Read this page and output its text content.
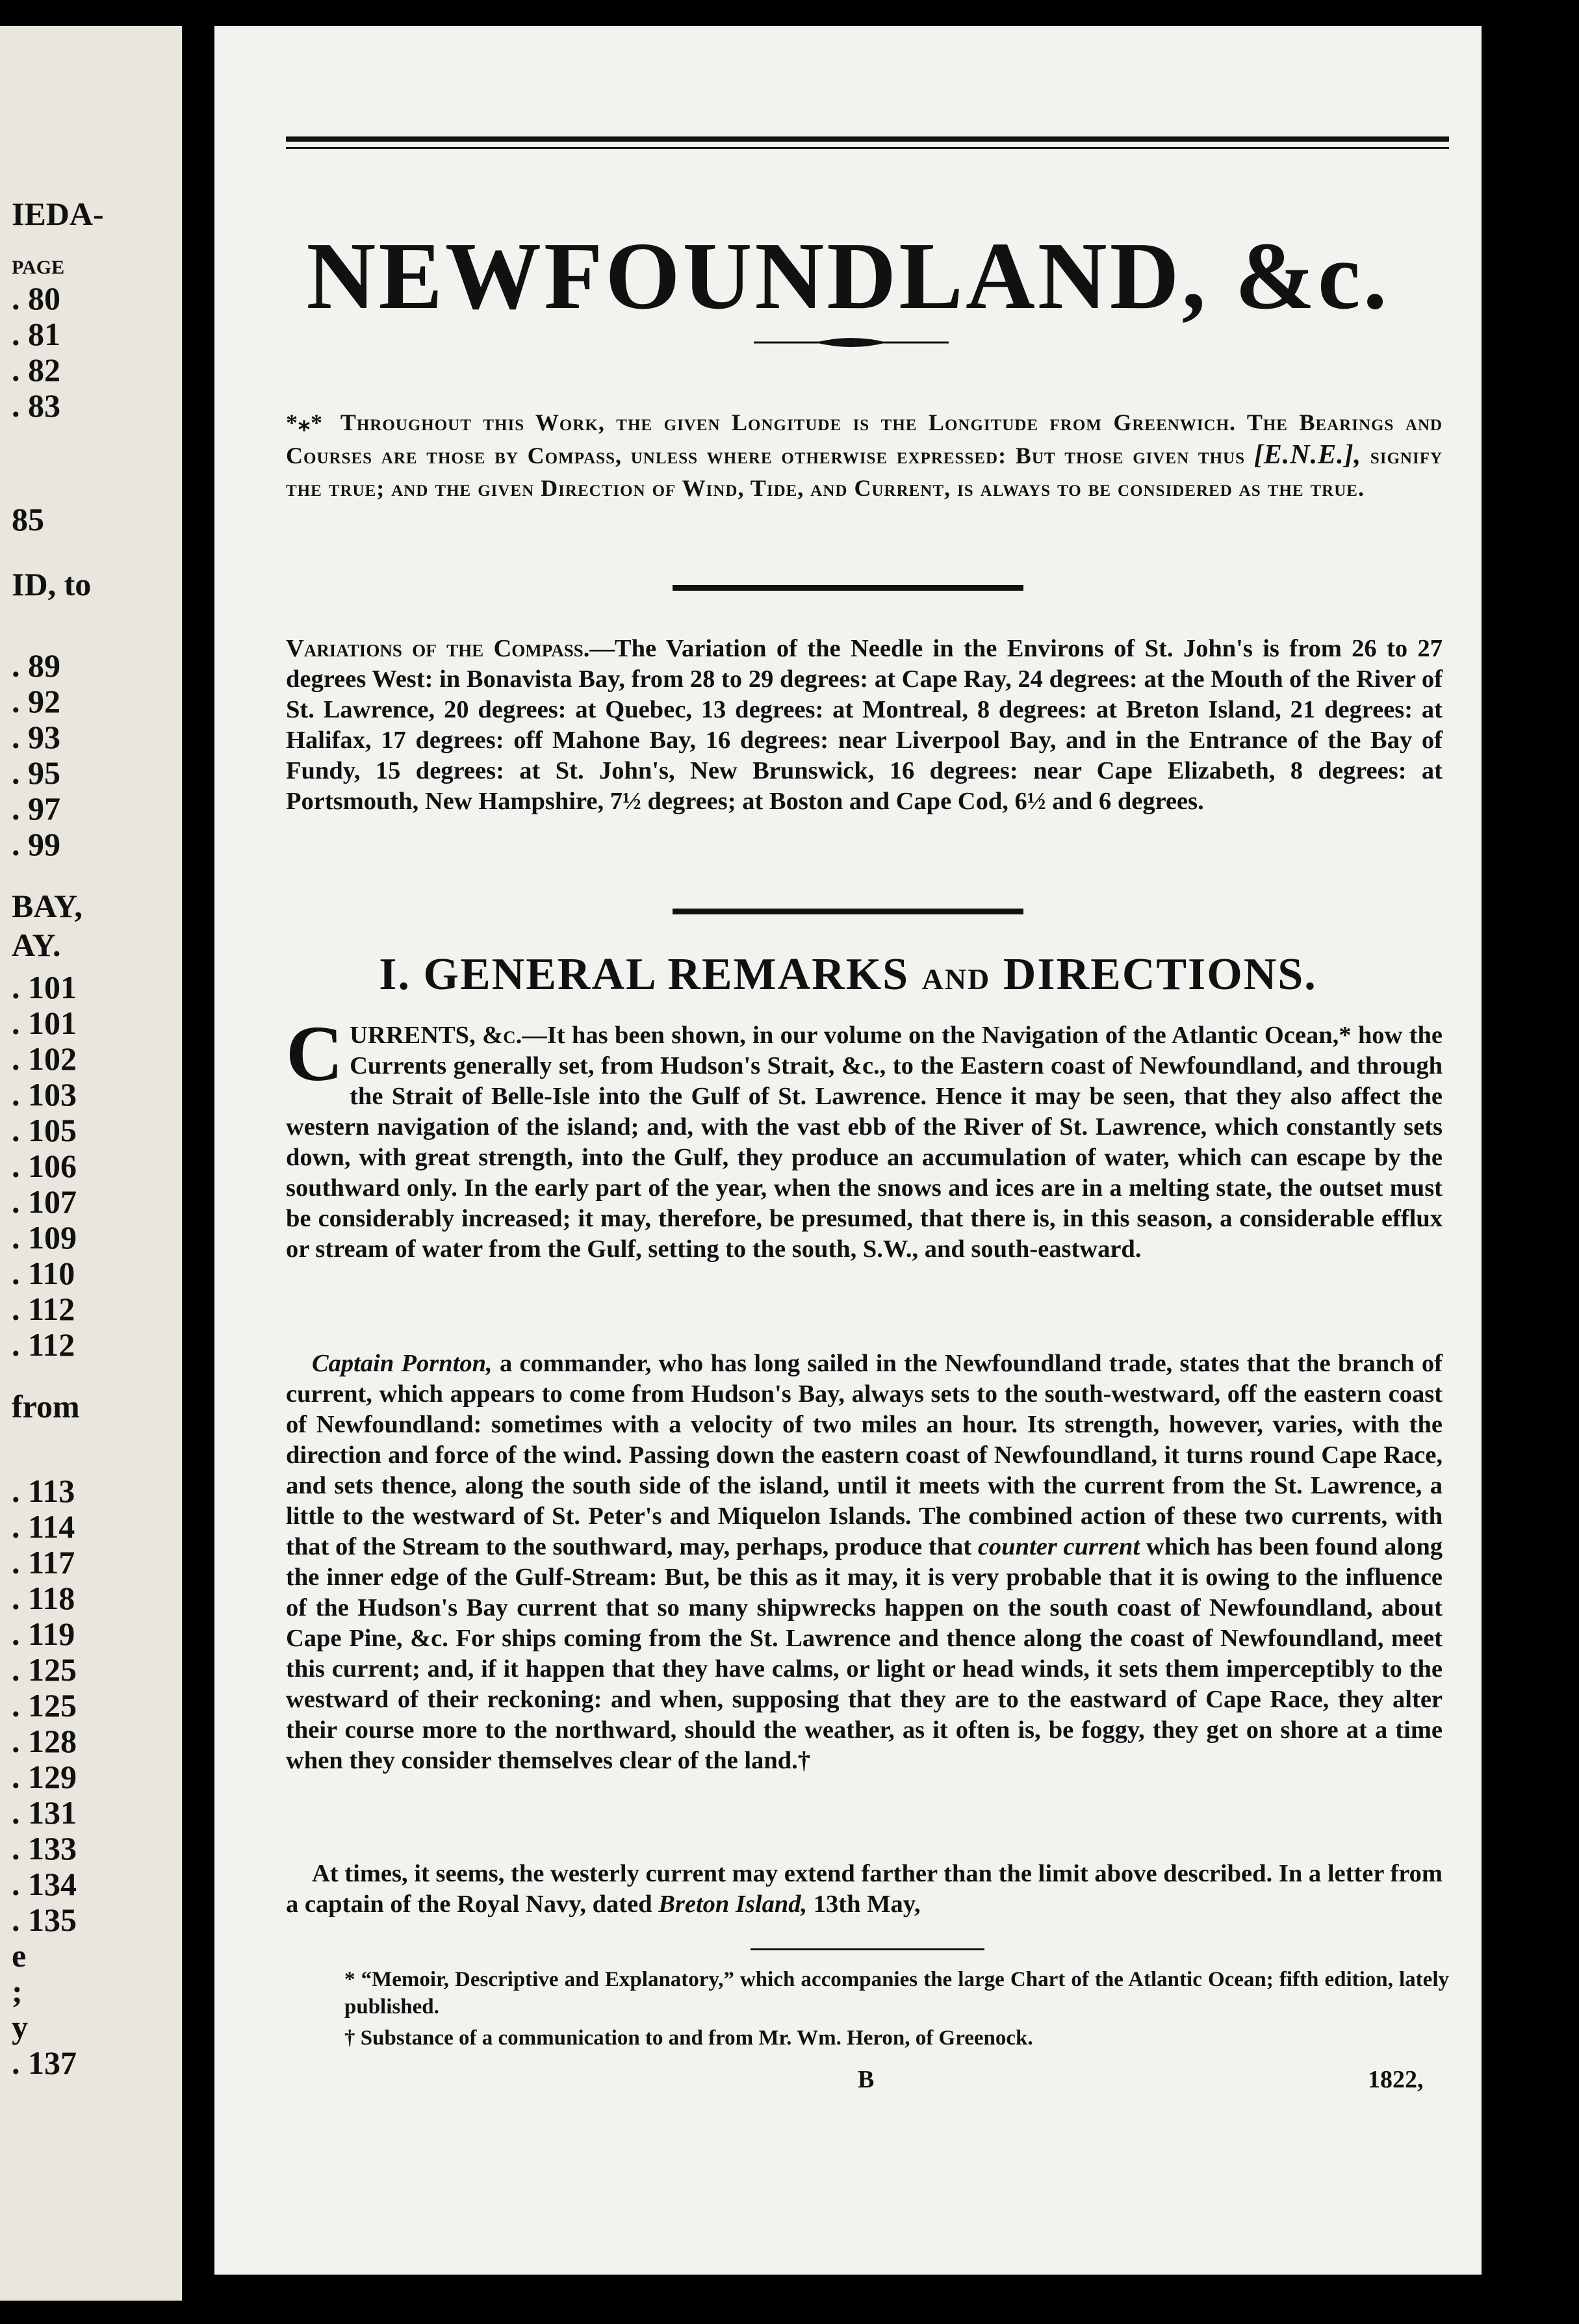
IEDA-
PAGE
. 80
. 81
. 82
. 83
85
ID, to
. 89
. 92
. 93
. 95
. 97
. 99
BAY,
AY.
. 101
. 101
. 102
. 103
. 105
. 106
. 107
. 109
. 110
. 112
. 112
from
. 113
. 114
. 117
. 118
. 119
. 125
. 125
. 128
. 129
. 131
. 133
. 134
. 135
e
;
y
. 137
NEWFOUNDLAND, &c.
*⁎* Throughout this Work, the given Longitude is the Longitude from Greenwich. The Bearings and Courses are those by Compass, unless where otherwise expressed: But those given thus [E.N.E.], signify the true; and the given Direction of Wind, Tide, and Current, is always to be considered as the true.
Variations of the Compass.—The Variation of the Needle in the Environs of St. John's is from 26 to 27 degrees West: in Bonavista Bay, from 28 to 29 degrees: at Cape Ray, 24 degrees: at the Mouth of the River of St. Lawrence, 20 degrees: at Quebec, 13 degrees: at Montreal, 8 degrees: at Breton Island, 21 degrees: at Halifax, 17 degrees: off Mahone Bay, 16 degrees: near Liverpool Bay, and in the Entrance of the Bay of Fundy, 15 degrees: at St. John's, New Brunswick, 16 degrees: near Cape Elizabeth, 8 degrees: at Portsmouth, New Hampshire, 7½ degrees; at Boston and Cape Cod, 6½ and 6 degrees.
I. GENERAL REMARKS and DIRECTIONS.
CURRENTS, &c.—It has been shown, in our volume on the Navigation of the Atlantic Ocean,* how the Currents generally set, from Hudson's Strait, &c., to the Eastern coast of Newfoundland, and through the Strait of Belle-Isle into the Gulf of St. Lawrence. Hence it may be seen, that they also affect the western navigation of the island; and, with the vast ebb of the River of St. Lawrence, which constantly sets down, with great strength, into the Gulf, they produce an accumulation of water, which can escape by the southward only. In the early part of the year, when the snows and ices are in a melting state, the outset must be considerably increased; it may, therefore, be presumed, that there is, in this season, a considerable efflux or stream of water from the Gulf, setting to the south, S.W., and south-eastward.
Captain Pornton, a commander, who has long sailed in the Newfoundland trade, states that the branch of current, which appears to come from Hudson's Bay, always sets to the south-westward, off the eastern coast of Newfoundland: sometimes with a velocity of two miles an hour. Its strength, however, varies, with the direction and force of the wind. Passing down the eastern coast of Newfoundland, it turns round Cape Race, and sets thence, along the south side of the island, until it meets with the current from the St. Lawrence, a little to the westward of St. Peter's and Miquelon Islands. The combined action of these two currents, with that of the Stream to the southward, may, perhaps, produce that counter current which has been found along the inner edge of the Gulf-Stream: But, be this as it may, it is very probable that it is owing to the influence of the Hudson's Bay current that so many shipwrecks happen on the south coast of Newfoundland, about Cape Pine, &c. For ships coming from the St. Lawrence and thence along the coast of Newfoundland, meet this current; and, if it happen that they have calms, or light or head winds, it sets them imperceptibly to the westward of their reckoning: and when, supposing that they are to the eastward of Cape Race, they alter their course more to the northward, should the weather, as it often is, be foggy, they get on shore at a time when they consider themselves clear of the land.†
At times, it seems, the westerly current may extend farther than the limit above described. In a letter from a captain of the Royal Navy, dated Breton Island, 13th May,
* “Memoir, Descriptive and Explanatory,” which accompanies the large Chart of the Atlantic Ocean; fifth edition, lately published.
† Substance of a communication to and from Mr. Wm. Heron, of Greenock.
B	1822,
